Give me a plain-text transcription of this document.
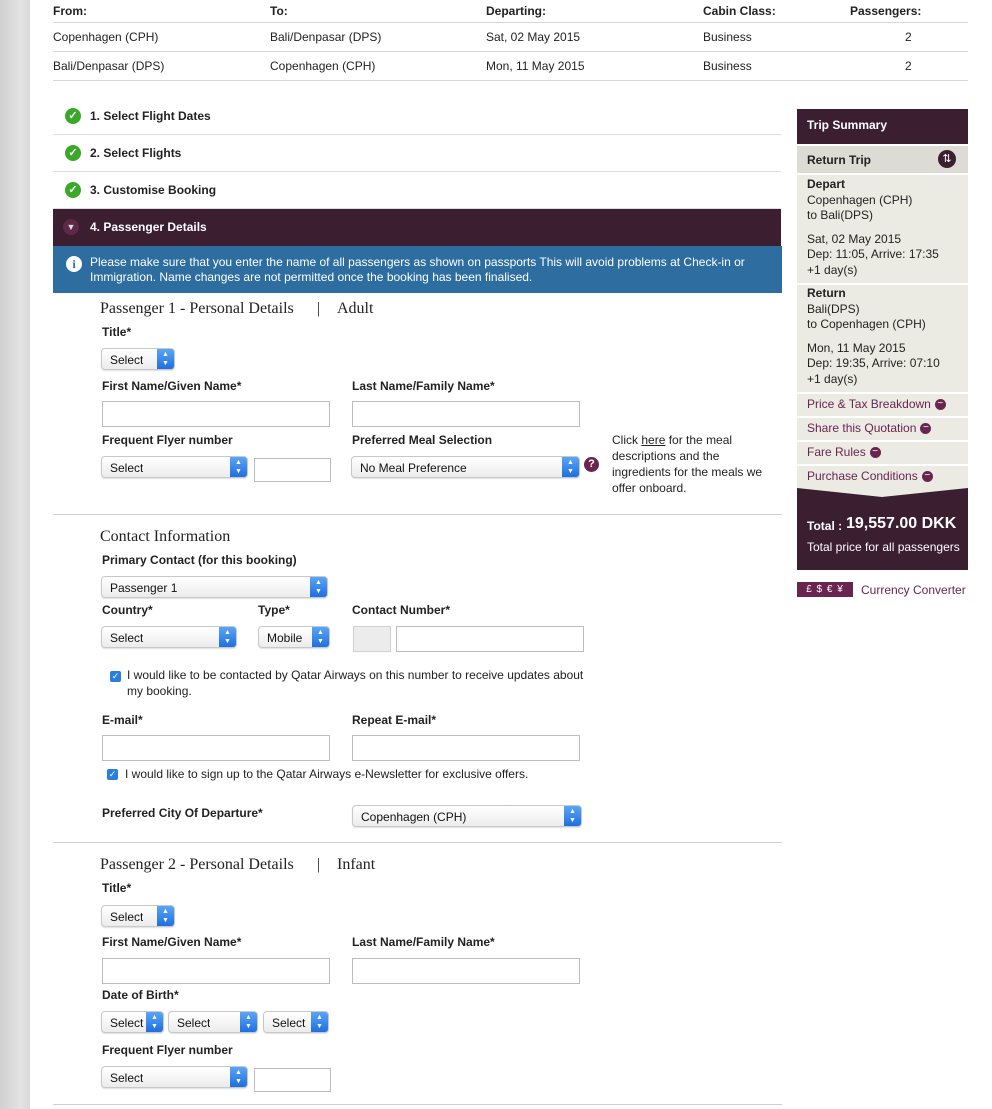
From:	To:	Departing:	Cabin Class:	Passengers:
Copenhagen (CPH)	Bali/Denpasar (DPS)	Sat, 02 May 2015	Business	2
Bali/Denpasar (DPS)	Copenhagen (CPH)	Mon, 11 May 2015	Business	2
✓ 1. Select Flight Dates
✓ 2. Select Flights
✓ 3. Customise Booking
▼ 4. Passenger Details
i	Please make sure that you enter the name of all passengers as shown on passports This will avoid problems at Check-in or Immigration. Name changes are not permitted once the booking has been finalised.
Passenger 1 - Personal Details | Adult
Title*
Select	▲
▼
First Name/Given Name*	Last Name/Family Name*
Frequent Flyer number
Select	▲
▼
Preferred Meal Selection
No Meal Preference	▲
▼
?
Click here for the meal descriptions and the ingredients for the meals we offer onboard.
Contact Information
Primary Contact (for this booking)
Passenger 1	▲
▼
Country*
Select	▲
▼
Type*
Mobile	▲
▼
Contact Number*
✓ I would like to be contacted by Qatar Airways on this number to receive updates about my booking.
E-mail*	Repeat E-mail*
✓ I would like to sign up to the Qatar Airways e-Newsletter for exclusive offers.
Preferred City Of Departure*	Copenhagen (CPH)	▲
▼
Passenger 2 - Personal Details | Infant
Title*
Select	▲
▼
First Name/Given Name*	Last Name/Family Name*
Date of Birth*
Select	▲
▼	Select	▲
▼	Select	▲
▼
Frequent Flyer number
Select	▲
▼
Trip Summary
Return Trip	⇅
Depart
Copenhagen (CPH)
to Bali(DPS)
Sat, 02 May 2015
Dep: 11:05, Arrive: 17:35
+1 day(s)
Return
Bali(DPS)
to Copenhagen (CPH)
Mon, 11 May 2015
Dep: 19:35, Arrive: 07:10
+1 day(s)
Price & Tax Breakdown −
Share this Quotation −
Fare Rules −
Purchase Conditions −
Total : 19,557.00 DKK
Total price for all passengers
£ $ € ¥	Currency Converter
